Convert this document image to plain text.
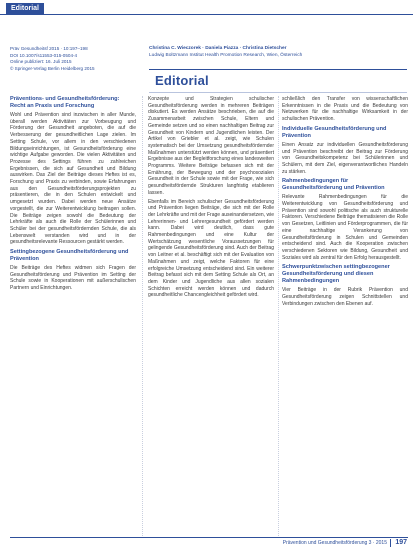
Editorial
Präv Gesundheitsf 2015 · 10:197–198
DOI 10.1007/s11553-015-0504-4
Online publiziert: 16. Juli 2015
© Springer-Verlag Berlin Heidelberg 2015
Christina C. Wieczorek · Daniela Piazza · Christina Dietscher
Ludwig Boltzmann Institut Health Promotion Research, Wien, Österreich
Editorial
Präventions- und Gesundheitsförderung: Recht an Praxis und Forschung

Wohl und Prävention sind inzwischen in aller Munde, überall werden Aktivitäten zur Vorbeugung und Förderung der Gesundheit angeboten, die auf die Verbesserung der gesundheitlichen Lage zielen. Im Setting Schule, vor allem in den verschiedenen Bildungseinrichtungen, ist Gesundheitsförderung eine wichtige Aufgabe geworden. Die vielen Aktivitäten und Prozesse des Settings führen zu zahlreichen Ergebnissen, die sich auf Gesundheit und Bildung auswirken. Das Ziel der Beiträge dieses Heftes ist es, Forschung und Praxis zu verbinden, sowie Erfahrungen aus den Gesundheitsförderungsprojekten zu präsentieren, die in den Schulen entwickelt und umgesetzt wurden. Dabei werden neue Ansätze vorgestellt, die zur Weiterentwicklung beitragen sollen. Die Beiträge zeigen sowohl die Bedeutung der Lehrkräfte als auch die Rolle der Schülerinnen und Schüler bei der gesundheitsfördernden Schule, die als Lebenswelt verstanden wird und in der gesundheitsrelevante Ressourcen gestärkt werden.

Settingbezogene Gesundheitsförderung und Prävention

Die Beiträge des Heftes widmen sich Fragen der Gesundheitsförderung und Prävention im Setting der Schule sowie in Kooperationen mit außerschulischen Partnern und Einrichtungen.

Konzepte und Strategien schulischer Gesundheitsförderung werden in mehreren Beiträgen diskutiert. Es werden Ansätze beschrieben, die auf die Zusammenarbeit zwischen Schule, Eltern und Gemeinde setzen und so einen nachhaltigen Beitrag zur Gesundheit von Kindern und Jugendlichen leisten. Der Artikel von Griebler et al. zeigt, wie Schulen systematisch bei der Umsetzung gesundheitsfördernder Maßnahmen unterstützt werden können, und präsentiert Ergebnisse aus der Begleitforschung eines landesweiten Programms. Weitere Beiträge befassen sich mit der Ernährung, der Bewegung und der psychosozialen Gesundheit in der Schule sowie mit der Frage, wie sich gesundheitsfördernde Strukturen langfristig etablieren lassen.

Ebenfalls im Bereich schulischer Gesundheitsförderung und Prävention liegen Beiträge, die sich mit der Rolle der Lehrkräfte und mit der Frage auseinandersetzen, wie Lehrerinnen- und Lehrergesundheit gefördert werden kann. Dabei wird deutlich, dass gute Rahmenbedingungen und eine Kultur der Wertschätzung wesentliche Voraussetzungen für gelingende Gesundheitsförderung sind. Auch der Beitrag von Leitner et al. beschäftigt sich mit der Evaluation von Maßnahmen und zeigt, welche Faktoren für eine erfolgreiche Umsetzung entscheidend sind. Ein weiterer Beitrag befasst sich mit dem Setting Schule als Ort, an dem Kinder und Jugendliche aus allen sozialen Schichten erreicht werden können und dadurch gesundheitliche Chancengleichheit gefördert wird.

schließlich den Transfer von wissenschaftlichen Erkenntnissen in die Praxis und die Bedeutung von Netzwerken für die nachhaltige Wirksamkeit in der schulischen Prävention.

Individuelle Gesundheitsförderung und Prävention

Einen Ansatz zur individuellen Gesundheitsförderung und Prävention beschreibt der Beitrag zur Förderung von Gesundheitskompetenz bei Schülerinnen und Schülern, mit dem Ziel, eigenverantwortliches Handeln zu stärken.

Rahmenbedingungen für Gesundheitsförderung und Prävention

Relevante Rahmenbedingungen für die Weiterentwicklung von Gesundheitsförderung und Prävention sind sowohl politische als auch strukturelle Faktoren. Verschiedene Beiträge thematisieren die Rolle von Gesetzen, Leitlinien und Förderprogrammen, die für eine nachhaltige Verankerung von Gesundheitsförderung in Schulen und Gemeinden entscheidend sind. Auch die Kooperation zwischen verschiedenen Sektoren wie Bildung, Gesundheit und Soziales wird als zentral für den Erfolg herausgestellt.

Schwerpunktzwischen settingbezogener Gesundheitsförderung und diesen Rahmenbedingungen

Vier Beiträge in der Rubrik Prävention und Gesundheitsförderung zeigen Schnittstellen und Verbindungen zwischen den Ebenen auf.

Prävention und Gesundheitsförderung 3 · 2015 197
